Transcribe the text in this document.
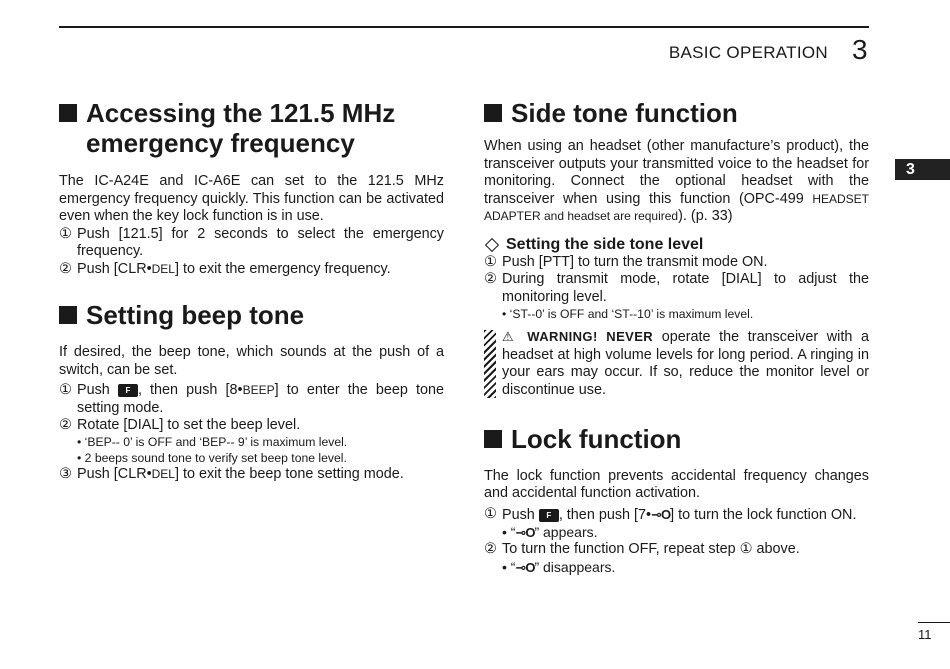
BASIC OPERATION 3
3
Accessing the 121.5 MHz
emergency frequency

The IC-A24E and IC-A6E can set to the 121.5 MHz emergency frequency quickly. This function can be activated even when the key lock function is in use.

① Push [121.5] for 2 seconds to select the emergency frequency.
② Push [CLR•DEL] to exit the emergency frequency.
Setting beep tone

If desired, the beep tone, which sounds at the push of a switch, can be set.

① Push F , then push [8•BEEP] to enter the beep tone setting mode.
② Rotate [DIAL] to set the beep level.
• ‘BEP-- 0’ is OFF and ‘BEP-- 9’ is maximum level.
• 2 beeps sound tone to verify set beep tone level.
③ Push [CLR•DEL] to exit the beep tone setting mode.
Side tone function

When using an headset (other manufacture’s product), the transceiver outputs your transmitted voice to the headset for monitoring. Connect the optional headset with the transceiver when using this function (OPC-499 HEADSET ADAPTER and headset are required). (p. 33)

Setting the side tone level
① Push [PTT] to turn the transmit mode ON.
② During transmit mode, rotate [DIAL] to adjust the monitoring level.
• ‘ST--0’ is OFF and ‘ST--10’ is maximum level.

⚠ WARNING! NEVER operate the transceiver with a headset at high volume levels for long period. A ringing in your ears may occur. If so, reduce the monitor level or discontinue use.

Lock function

The lock function prevents accidental frequency changes and accidental function activation.

① Push F , then push [7•⊸O] to turn the lock function ON.
• “⊸O” appears.
② To turn the function OFF, repeat step ① above.
• “⊸O” disappears.
11
